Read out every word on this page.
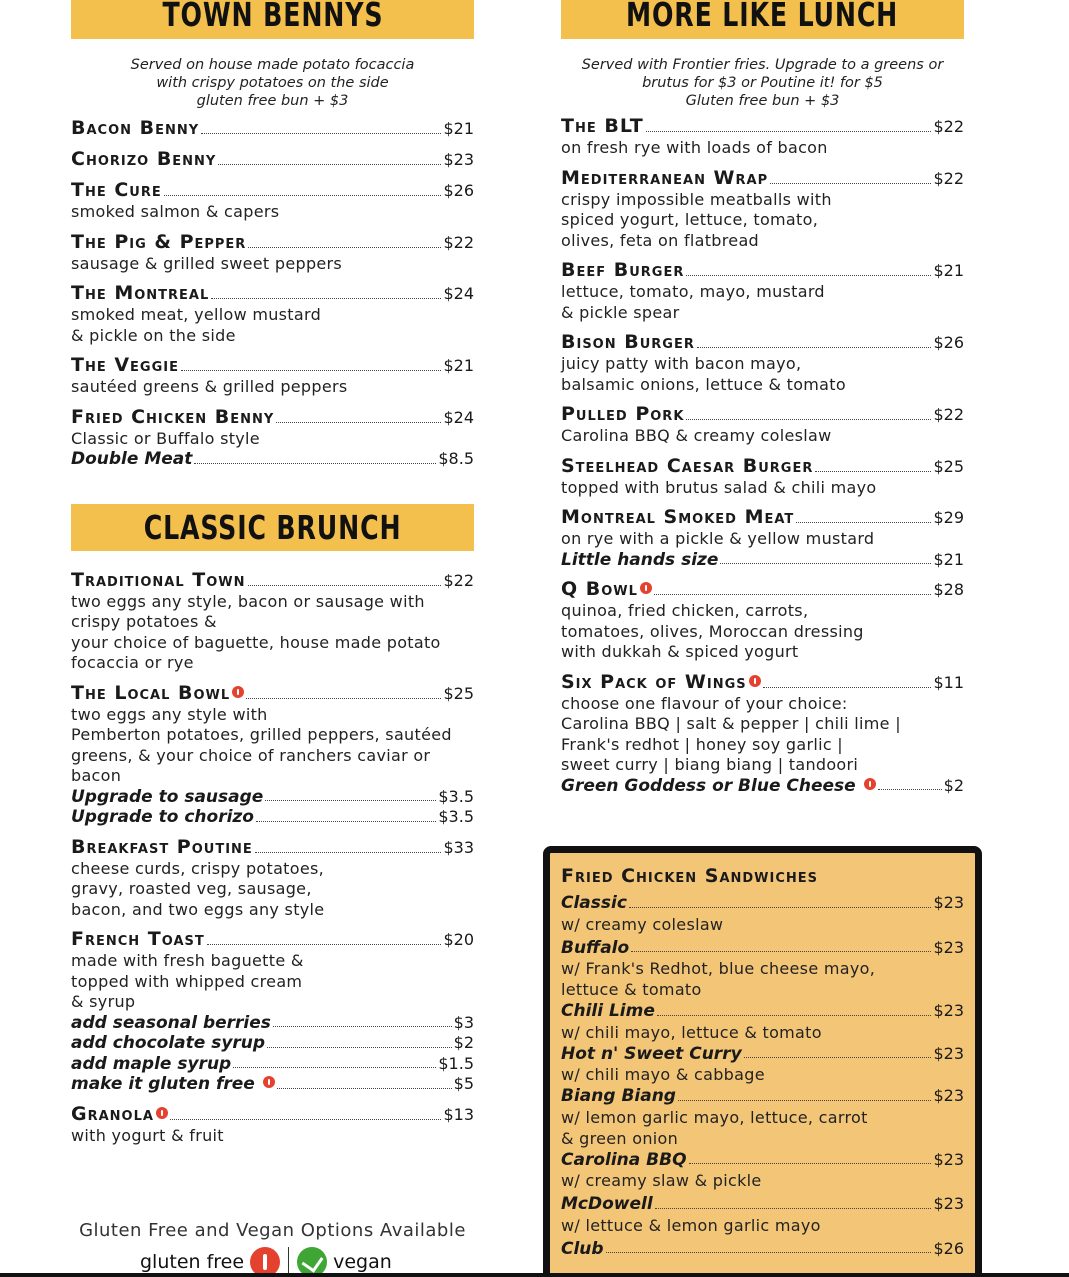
TOWN BENNYS
Served on house made potato focaccia
with crispy potatoes on the side
gluten free bun + $3
Bacon Benny	$21
Chorizo Benny	$23
The Cure	$26
smoked salmon & capers
The Pig & Pepper	$22
sausage & grilled sweet peppers
The Montreal	$24
smoked meat, yellow mustard
& pickle on the side
The Veggie	$21
sautéed greens & grilled peppers
Fried Chicken Benny	$24
Classic or Buffalo style
Double Meat	$8.5
CLASSIC BRUNCH
Traditional Town	$22
two eggs any style, bacon or sausage with
crispy potatoes &
your choice of baguette, house made potato
focaccia or rye
The Local Bowl	$25
two eggs any style with
Pemberton potatoes, grilled peppers, sautéed
greens, & your choice of ranchers caviar or
bacon
Upgrade to sausage	$3.5
Upgrade to chorizo	$3.5
Breakfast Poutine	$33
cheese curds, crispy potatoes,
gravy, roasted veg, sausage,
bacon, and two eggs any style
French Toast	$20
made with fresh baguette &
topped with whipped cream
& syrup
add seasonal berries	$3
add chocolate syrup	$2
add maple syrup	$1.5
make it gluten free	$5
Granola	$13
with yogurt & fruit
Gluten Free and Vegan Options Available
gluten free	vegan
MORE LIKE LUNCH
Served with Frontier fries. Upgrade to a greens or
brutus for $3 or Poutine it! for $5
Gluten free bun + $3
The BLT	$22
on fresh rye with loads of bacon
Mediterranean Wrap	$22
crispy impossible meatballs with
spiced yogurt, lettuce, tomato,
olives, feta on flatbread
Beef Burger	$21
lettuce, tomato, mayo, mustard
& pickle spear
Bison Burger	$26
juicy patty with bacon mayo,
balsamic onions, lettuce & tomato
Pulled Pork	$22
Carolina BBQ & creamy coleslaw
Steelhead Caesar Burger	$25
topped with brutus salad & chili mayo
Montreal Smoked Meat	$29
on rye with a pickle & yellow mustard
Little hands size	$21
Q Bowl	$28
quinoa, fried chicken, carrots,
tomatoes, olives, Moroccan dressing
with dukkah & spiced yogurt
Six Pack of Wings	$11
choose one flavour of your choice:
Carolina BBQ | salt & pepper | chili lime |
Frank's redhot | honey soy garlic |
sweet curry | biang biang | tandoori
Green Goddess or Blue Cheese	$2
Fried Chicken Sandwiches
Classic	$23
w/ creamy coleslaw
Buffalo	$23
w/ Frank's Redhot, blue cheese mayo,
lettuce & tomato
Chili Lime	$23
w/ chili mayo, lettuce & tomato
Hot n' Sweet Curry	$23
w/ chili mayo & cabbage
Biang Biang	$23
w/ lemon garlic mayo, lettuce, carrot
& green onion
Carolina BBQ	$23
w/ creamy slaw & pickle
McDowell	$23
w/ lettuce & lemon garlic mayo
Club	$26
